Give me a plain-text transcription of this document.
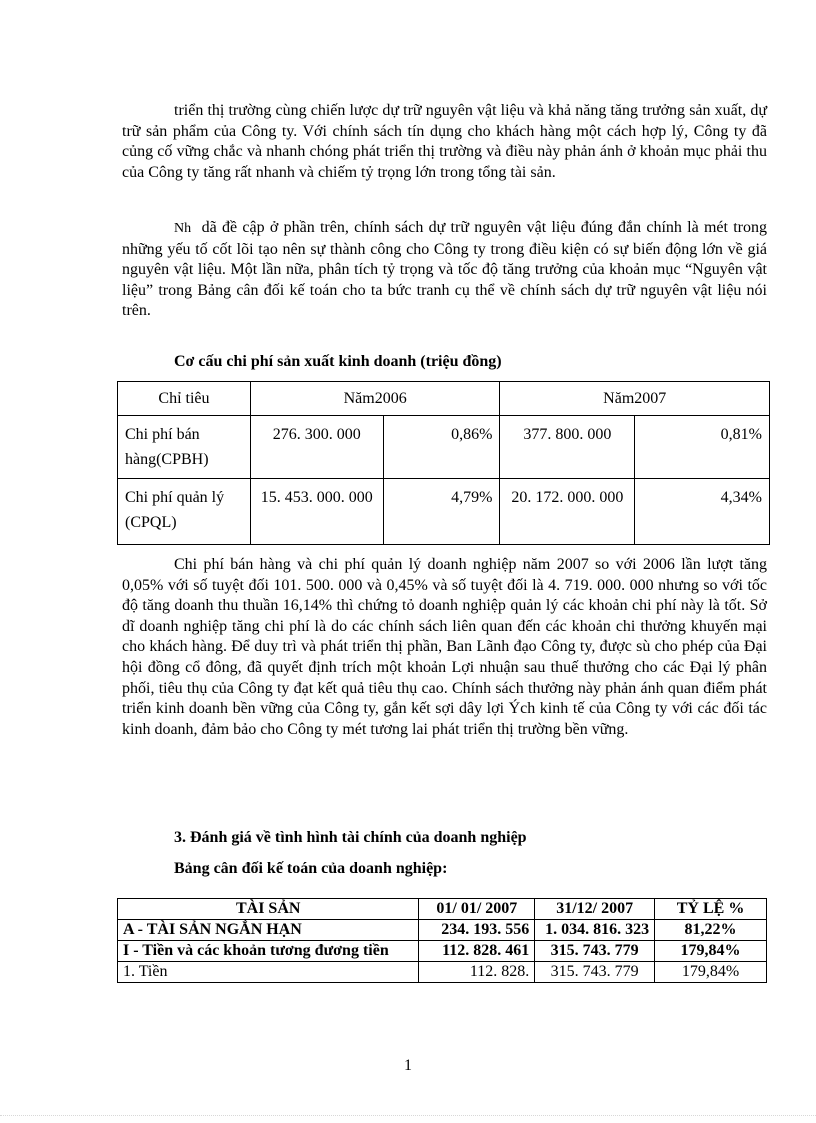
triển thị trường cùng chiến lược dự trữ nguyên vật liệu và khả năng tăng trưởng sản xuất, dự trữ sản phẩm của Công ty. Với chính sách tín dụng cho khách hàng một cách hợp lý, Công ty đã củng cố vững chắc và nhanh chóng phát triển thị trường và điều này phản ánh ở khoản mục phải thu của Công ty tăng rất nhanh và chiếm tỷ trọng lớn trong tổng tài sản.

Nh dã đề cập ở phần trên, chính sách dự trữ nguyên vật liệu đúng đắn chính là mét trong những yếu tố cốt lõi tạo nên sự thành công cho Công ty trong điều kiện có sự biến động lớn về giá nguyên vật liệu. Một lần nữa, phân tích tỷ trọng và tốc độ tăng trưởng của khoản mục “Nguyên vật liệu” trong Bảng cân đối kế toán cho ta bức tranh cụ thể về chính sách dự trữ nguyên vật liệu nói trên.

Cơ cấu chi phí sản xuất kinh doanh (triệu đồng)

Chỉ tiêu	Năm2006		Năm2007	
Chi phí bán hàng(CPBH)	276. 300. 000	0,86%	377. 800. 000	0,81%
Chi phí quản lý (CPQL)	15. 453. 000. 000	4,79%	20. 172. 000. 000	4,34%

Chi phí bán hàng và chi phí quản lý doanh nghiệp năm 2007 so với 2006 lần lượt tăng 0,05% với số tuyệt đối 101. 500. 000 và 0,45% và số tuyệt đối là 4. 719. 000. 000 nhưng so với tốc độ tăng doanh thu thuần 16,14% thì chứng tỏ doanh nghiệp quản lý các khoản chi phí này là tốt. Sở dĩ doanh nghiệp tăng chi phí là do các chính sách liên quan đến các khoản chi thưởng khuyến mại cho khách hàng. Để duy trì và phát triển thị phần, Ban Lãnh đạo Công ty, được sù cho phép của Đại hội đồng cổ đông, đã quyết định trích một khoản Lợi nhuận sau thuế thưởng cho các Đại lý phân phối, tiêu thụ của Công ty đạt kết quả tiêu thụ cao. Chính sách thưởng này phản ánh quan điểm phát triển kinh doanh bền vững của Công ty, gắn kết sợi dây lợi Ých kinh tế của Công ty với các đối tác kinh doanh, đảm bảo cho Công ty mét tương lai phát triển thị trường bền vững.

3. Đánh giá về tình hình tài chính của doanh nghiệp

Bảng cân đối kế toán của doanh nghiệp:

TÀI SẢN	01/ 01/ 2007	31/12/ 2007	TỶ LỆ %
A - TÀI SẢN NGẮN HẠN	234. 193. 556	1. 034. 816. 323	81,22%
I - Tiền và các khoản tương đương tiền	112. 828. 461	315. 743. 779	179,84%
1. Tiền	112. 828.	315. 743. 779	179,84%
1
